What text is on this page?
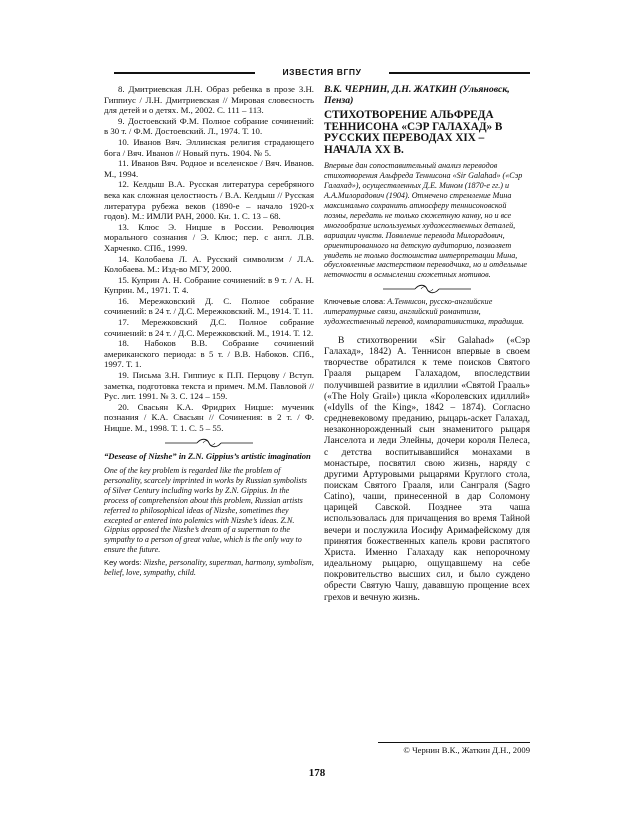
ИЗВЕСТИЯ ВГПУ
8. Дмитриевская Л.Н. Образ ребенка в прозе З.Н. Гиппиус / Л.Н. Дмитриевская // Мировая словесность для детей и о детях. М., 2002. С. 111 – 113.
9. Достоевский Ф.М. Полное собрание сочинений: в 30 т. / Ф.М. Достоевский. Л., 1974. Т. 10.
10. Иванов Вяч. Эллинская религия страдающего бога / Вяч. Иванов // Новый путь. 1904. № 5.
11. Иванов Вяч. Родное и вселенское / Вяч. Иванов. М., 1994.
12. Келдыш В.А. Русская литература серебряного века как сложная целостность / В.А. Келдыш // Русская литература рубежа веков (1890-е – начало 1920-х годов). М.: ИМЛИ РАН, 2000. Кн. 1. С. 13 – 68.
13. Клюс Э. Ницше в России. Революция морального сознания / Э. Клюс; пер. с англ. Л.В. Харченко. СПб., 1999.
14. Колобаева Л. А. Русский символизм / Л.А. Колобаева. М.: Изд-во МГУ, 2000.
15. Куприн А. Н. Собрание сочинений: в 9 т. / А. Н. Куприн. М., 1971. Т. 4.
16. Мережковский Д. С. Полное собрание сочинений: в 24 т. / Д.С. Мережковский. М., 1914. Т. 11.
17. Мережковский Д.С. Полное собрание сочинений: в 24 т. / Д.С. Мережковский. М., 1914. Т. 12.
18. Набоков В.В. Собрание сочинений американского периода: в 5 т. / В.В. Набоков. СПб., 1997. Т. 1.
19. Письма З.Н. Гиппиус к П.П. Перцову / Вступ. заметка, подготовка текста и примеч. М.М. Павловой // Рус. лит. 1991. № 3. С. 124 – 159.
20. Свасьян К.А. Фридрих Ницше: мученик познания / К.А. Свасьян // Сочинения: в 2 т. / Ф. Ницше. М., 1998. Т. 1. С. 5 – 55.

“Desease of Nizshe” in Z.N. Gippius’s artistic imagination

One of the key problem is regarded like the problem of personality, scarcely imprinted in works by Russian symbolists of Silver Century including works by Z.N. Gippius. In the process of comprehension about this problem, Russian artists referred to philosophical ideas of Nizshe, sometimes they excepted or entered into polemics with Nizshe’s ideas. Z.N. Gippius opposed the Nizshe’s dream of a superman to the sympathy to a person of great value, which is the only way to ensure the future.

Key words: Nizshe, personality, superman, harmony, symbolism, belief, love, sympathy, child.

В.К. ЧЕРНИН, Д.Н. ЖАТКИН (Ульяновск, Пенза)

СТИХОТВОРЕНИЕ АЛЬФРЕДА ТЕННИСОНА «СЭР ГАЛАХАД» В РУССКИХ ПЕРЕВОДАХ XIX – НАЧАЛА XX В.

Впервые дан сопоставительный анализ переводов стихотворения Альфреда Теннисона «Sir Galahad» («Сэр Галахад»), осуществленных Д.Е. Мином (1870-е гг.) и А.А.Милорадович (1904). Отмечено стремление Мина максимально сохранить атмосферу теннисоновской поэмы, передать не только сюжетную канву, но и все многообразие используемых художественных деталей, вариации чувств. Появление перевода Милорадович, ориентированного на детскую аудиторию, позволяет увидеть не только достоинства интерпретации Мина, обусловленные мастерством переводчика, но и отдельные неточности в осмыслении сюжетных мотивов.

Ключевые слова: А.Теннисон, русско-английские литературные связи, английский романтизм, художественный перевод, компаративистика, традиция.

В стихотворении «Sir Galahad» («Сэр Галахад», 1842) А. Теннисон впервые в своем творчестве обратился к теме поисков Святого Грааля рыцарем Галахадом, впоследствии получившей развитие в идиллии «Святой Грааль» («The Holy Grail») цикла «Королевских идиллий» («Idylls of the King», 1842 – 1874). Согласно средневековому преданию, рыцарь-аскет Галахад, незаконнорожденный сын знаменитого рыцаря Ланселота и леди Элейны, дочери короля Пелеса, с детства воспитывавшийся монахами в монастыре, посвятил свою жизнь, наряду с другими Артуровыми рыцарями Круглого стола, поискам Святого Грааля, или Санграля (Sagro Catino), чаши, принесенной в дар Соломону царицей Савской. Позднее эта чаша использовалась для причащения во время Тайной вечери и послужила Иосифу Аримафейскому для принятия божественных капель крови распятого Христа. Именно Галахаду как непорочному идеальному рыцарю, ощущавшему на себе покровительство высших сил, и было суждено обрести Святую Чашу, дававшую прощение всех грехов и вечную жизнь.

© Чернин В.К., Жаткин Д.Н., 2009
178
